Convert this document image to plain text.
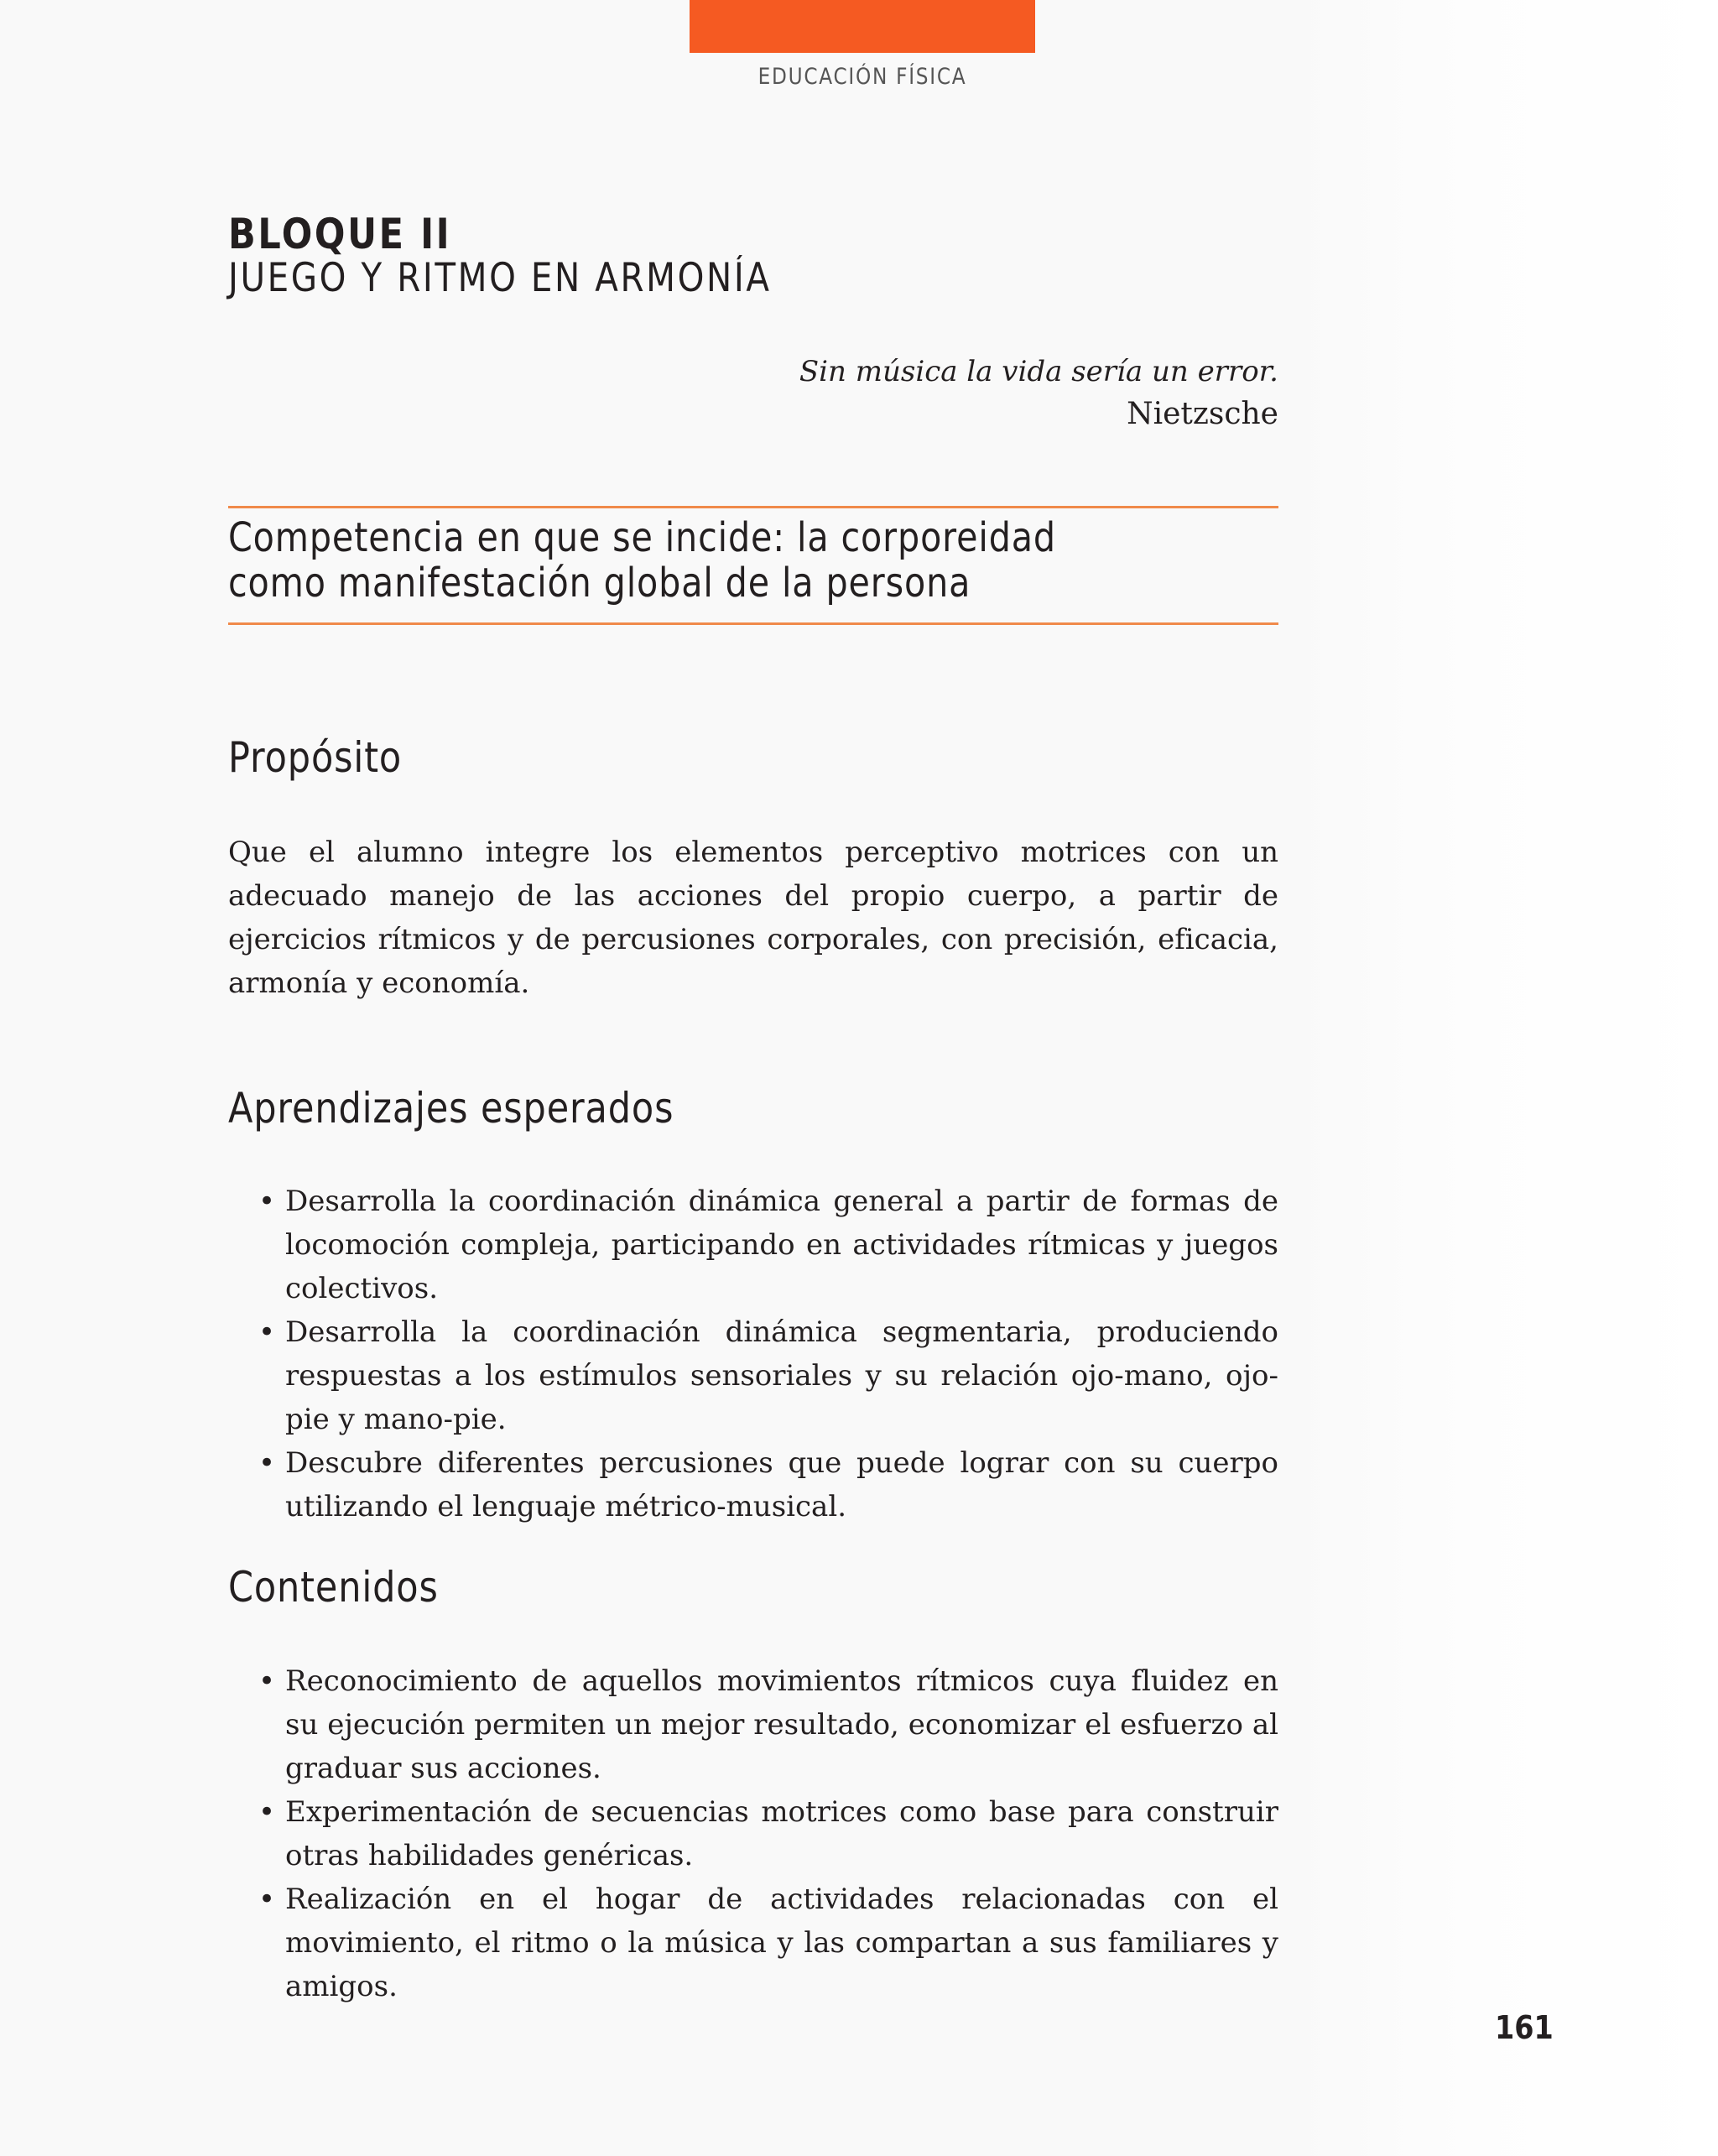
EDUCACIÓN FÍSICA
BLOQUE II
JUEGO Y RITMO EN ARMONÍA
Sin música la vida sería un error.
Nietzsche
Competencia en que se incide: la corporeidad
como manifestación global de la persona
Propósito

Que el alumno integre los elementos perceptivo motrices con un adecuado manejo de las acciones del propio cuerpo, a partir de ejercicios rítmicos y de percusiones corporales, con precisión, eficacia, armonía y economía.

Aprendizajes esperados
• Desarrolla la coordinación dinámica general a partir de formas de locomoción compleja, participando en actividades rítmicas y juegos colectivos.
• Desarrolla la coordinación dinámica segmentaria, produciendo respuestas a los estímulos sensoriales y su relación ojo-mano, ojo-pie y mano-pie.
• Descubre diferentes percusiones que puede lograr con su cuerpo utilizando el lenguaje métrico-musical.
Contenidos
• Reconocimiento de aquellos movimientos rítmicos cuya fluidez en su ejecución permiten un mejor resultado, economizar el esfuerzo al graduar sus acciones.
• Experimentación de secuencias motrices como base para construir otras habilidades genéricas.
• Realización en el hogar de actividades relacionadas con el movimiento, el ritmo o la música y las compartan a sus familiares y amigos.
161
